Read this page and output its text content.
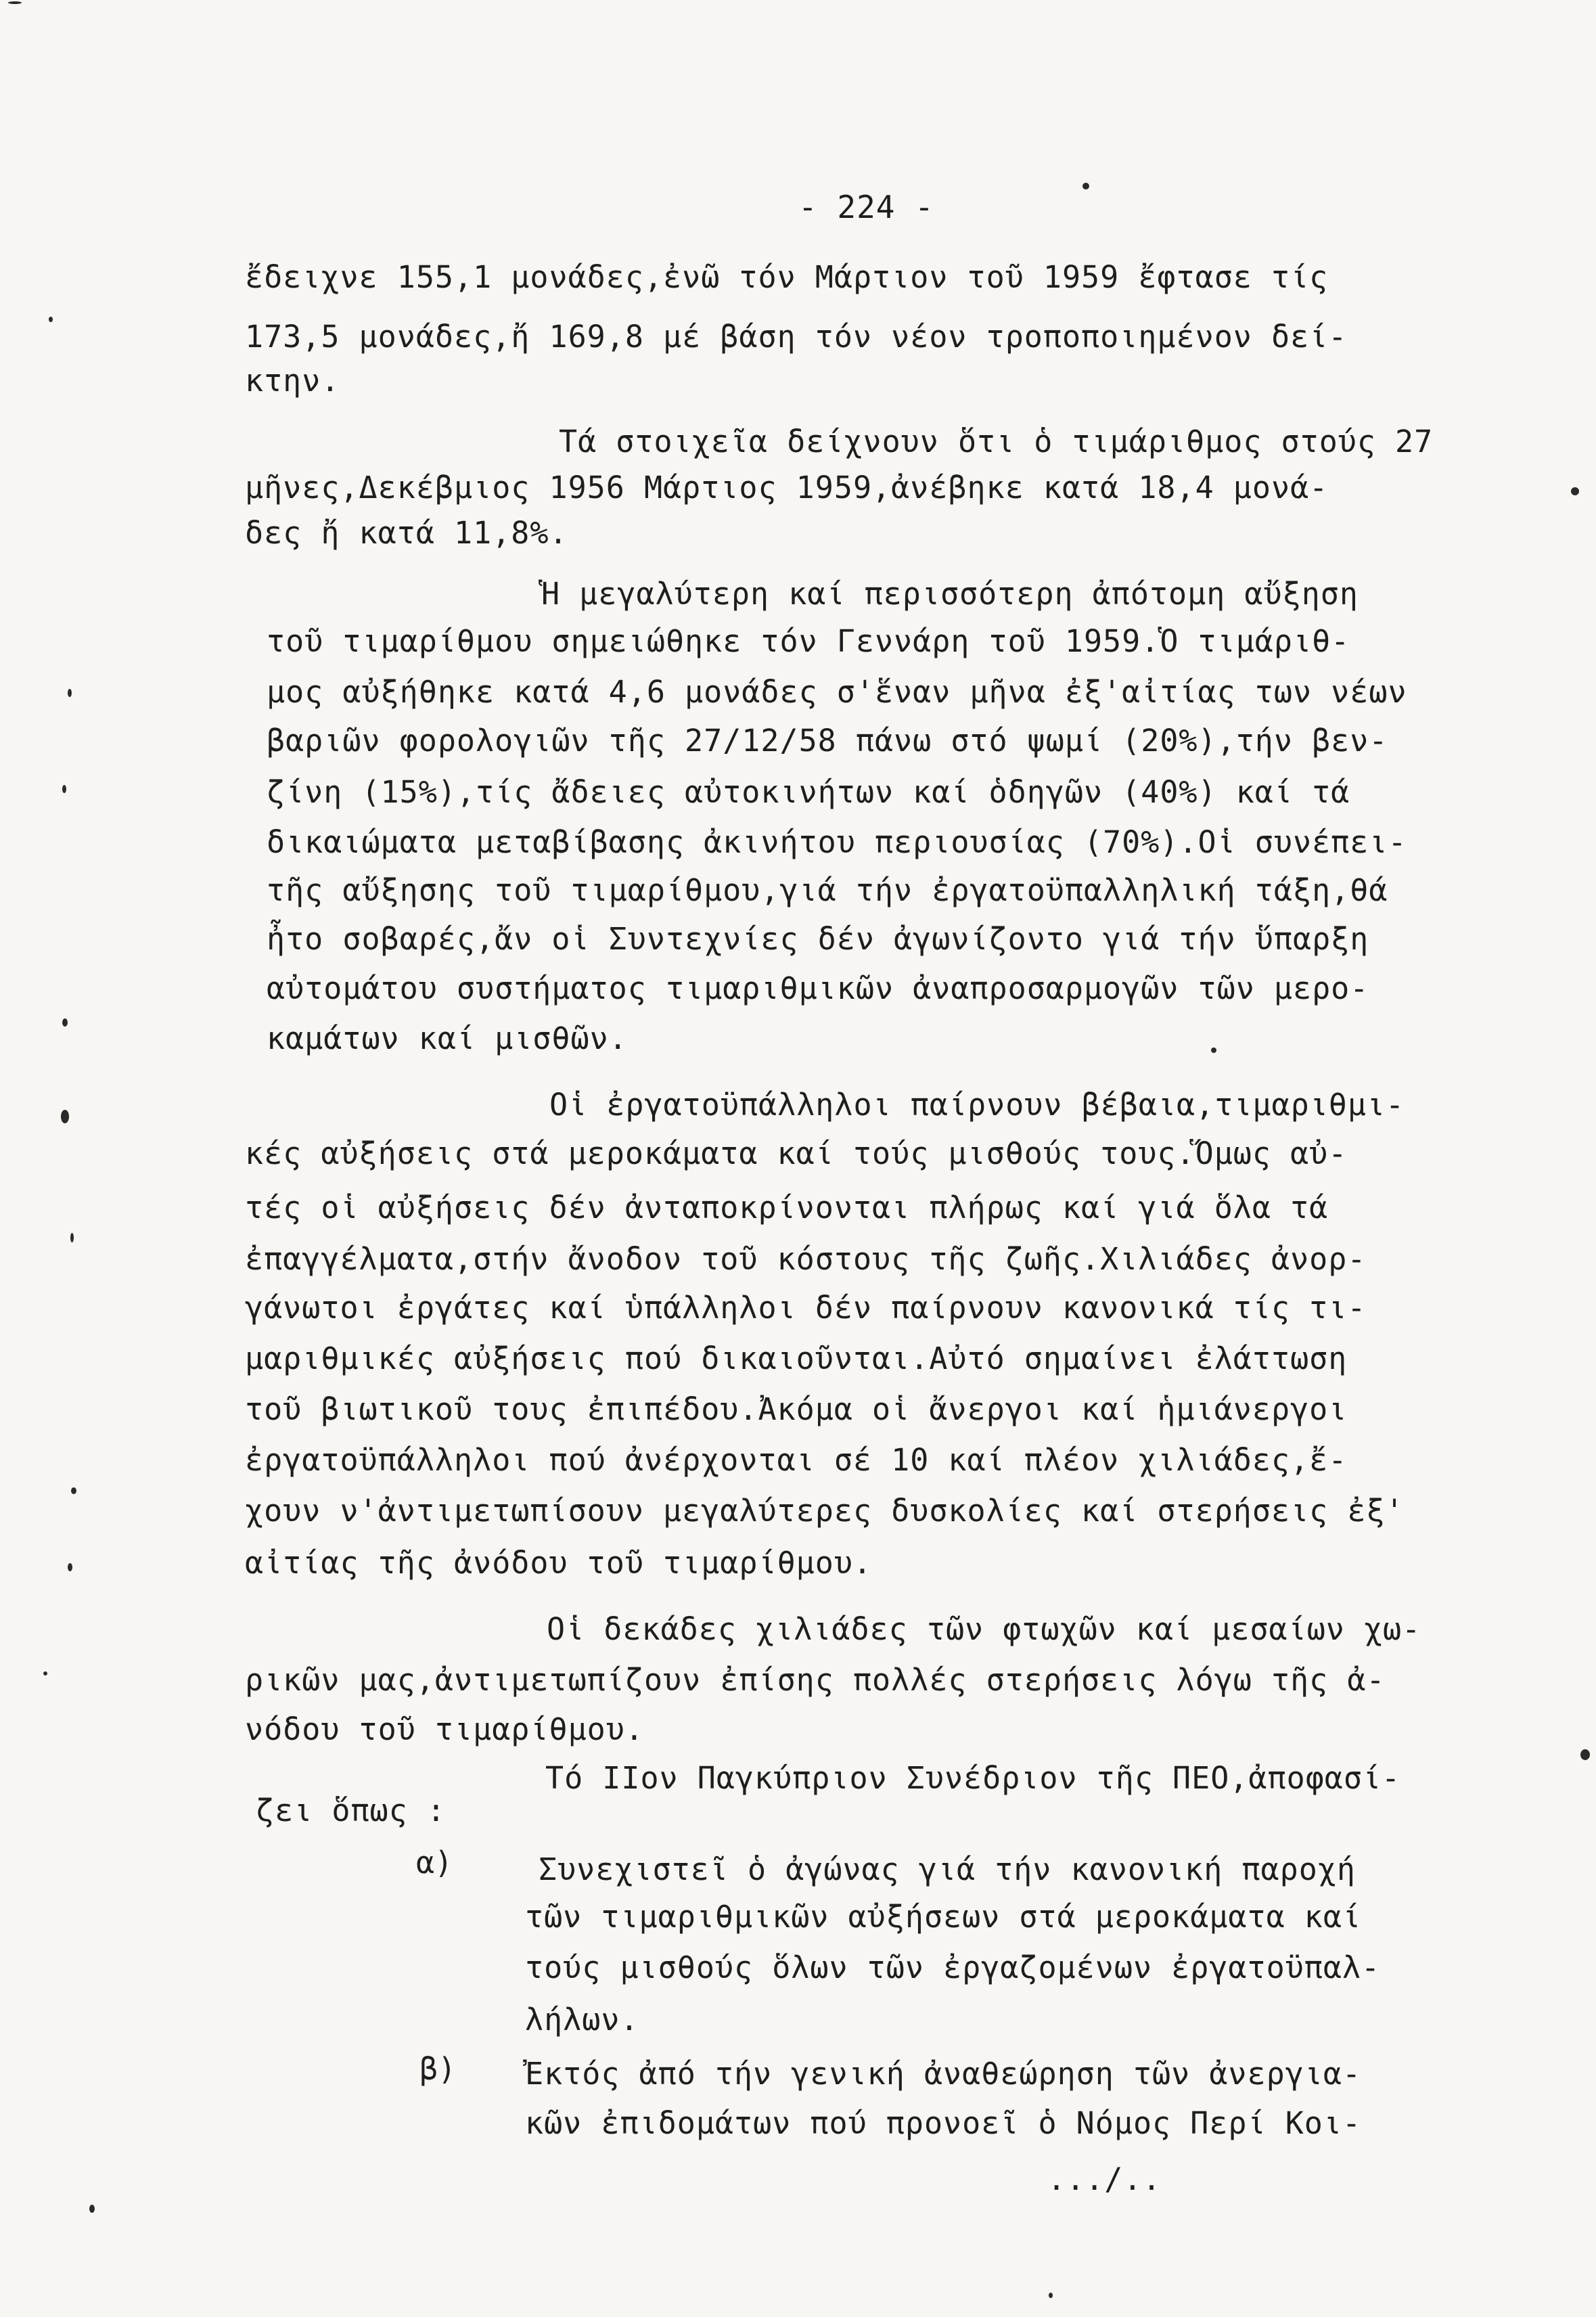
- 224 -
ἔδειχνε 155,1 μονάδες,ἐνῶ τόν Μάρτιον τοῦ 1959 ἔφτασε τίς
173,5 μονάδες,ἤ 169,8 μέ βάση τόν νέον τροποποιημένον δεί-
κτην.
Τά στοιχεῖα δείχνουν ὅτι ὁ τιμάριθμος στούς 27
μῆνες,Δεκέβμιος 1956 Μάρτιος 1959,ἀνέβηκε κατά 18,4 μονά-
δες ἤ κατά 11,8%.
Ἡ μεγαλύτερη καί περισσότερη ἀπότομη αὔξηση
τοῦ τιμαρίθμου σημειώθηκε τόν Γεννάρη τοῦ 1959.Ὁ τιμάριθ-
μος αὐξήθηκε κατά 4,6 μονάδες σ'ἕναν μῆνα ἐξ'αἰτίας των νέων
βαριῶν φορολογιῶν τῆς 27/12/58 πάνω στό ψωμί (20%),τήν βεν-
ζίνη (15%),τίς ἄδειες αὐτοκινήτων καί ὁδηγῶν (40%) καί τά
δικαιώματα μεταβίβασης ἀκινήτου περιουσίας (70%).Οἱ συνέπει-
τῆς αὔξησης τοῦ τιμαρίθμου,γιά τήν ἐργατοϋπαλληλική τάξη,θά
ἦτο σοβαρές,ἄν οἱ Συντεχνίες δέν ἀγωνίζοντο γιά τήν ὕπαρξη
αὐτομάτου συστήματος τιμαριθμικῶν ἀναπροσαρμογῶν τῶν μερο-
καμάτων καί μισθῶν.
Οἱ ἐργατοϋπάλληλοι παίρνουν βέβαια,τιμαριθμι-
κές αὐξήσεις στά μεροκάματα καί τούς μισθούς τους.Ὅμως αὐ-
τές οἱ αὐξήσεις δέν ἀνταποκρίνονται πλήρως καί γιά ὅλα τά
ἐπαγγέλματα,στήν ἄνοδον τοῦ κόστους τῆς ζωῆς.Χιλιάδες ἀνορ-
γάνωτοι ἐργάτες καί ὑπάλληλοι δέν παίρνουν κανονικά τίς τι-
μαριθμικές αὐξήσεις πού δικαιοῦνται.Αὐτό σημαίνει ἐλάττωση
τοῦ βιωτικοῦ τους ἐπιπέδου.Ἀκόμα οἱ ἄνεργοι καί ἡμιάνεργοι
ἐργατοϋπάλληλοι πού ἀνέρχονται σέ 10 καί πλέον χιλιάδες,ἔ-
χουν ν'ἀντιμετωπίσουν μεγαλύτερες δυσκολίες καί στερήσεις ἐξ'
αἰτίας τῆς ἀνόδου τοῦ τιμαρίθμου.
Οἱ δεκάδες χιλιάδες τῶν φτωχῶν καί μεσαίων χω-
ρικῶν μας,ἀντιμετωπίζουν ἐπίσης πολλές στερήσεις λόγω τῆς ἀ-
νόδου τοῦ τιμαρίθμου.
Τό ΙΙον Παγκύπριον Συνέδριον τῆς ΠΕΟ,ἀποφασί-
ζει ὅπως :
α)	Συνεχιστεῖ ὁ ἀγώνας γιά τήν κανονική παροχή
τῶν τιμαριθμικῶν αὐξήσεων στά μεροκάματα καί
τούς μισθούς ὅλων τῶν ἐργαζομένων ἐργατοϋπαλ-
λήλων.
β) Ἐκτός ἀπό τήν γενική ἀναθεώρηση τῶν ἀνεργια-
κῶν ἐπιδομάτων πού προνοεῖ ὁ Νόμος Περί Κοι-
.../..
